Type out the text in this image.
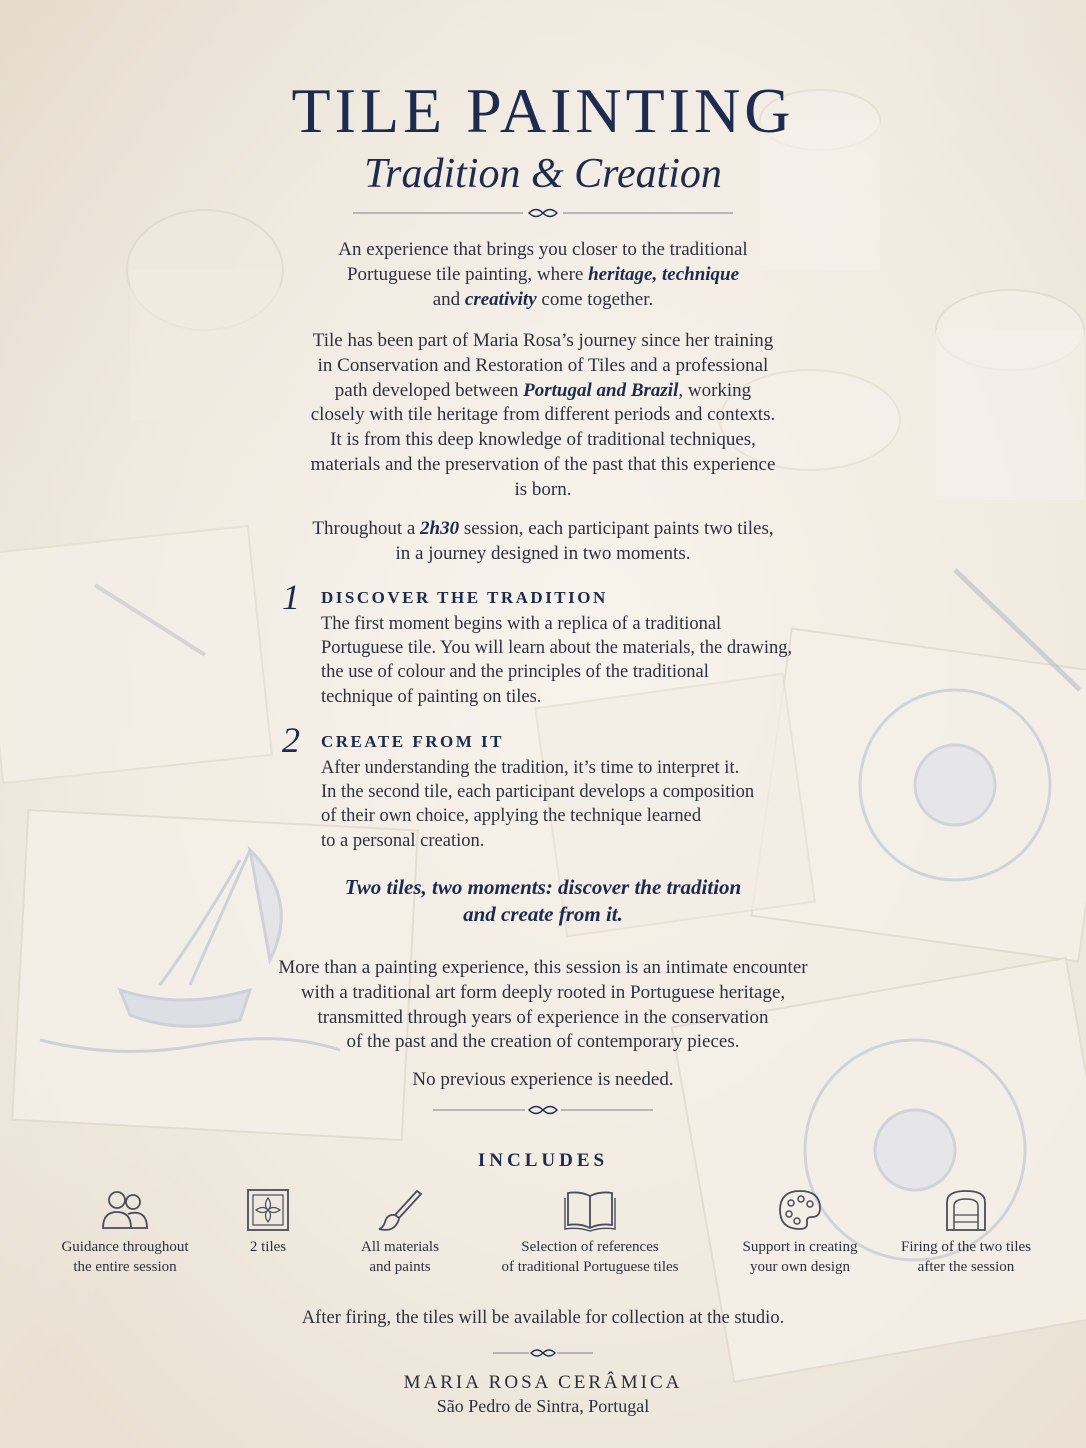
TILE PAINTING
Tradition & Creation

An experience that brings you closer to the traditional
Portuguese tile painting, where heritage, technique
and creativity come together.

Tile has been part of Maria Rosa’s journey since her training
in Conservation and Restoration of Tiles and a professional
path developed between Portugal and Brazil, working
closely with tile heritage from different periods and contexts.
It is from this deep knowledge of traditional techniques,
materials and the preservation of the past that this experience
is born.

Throughout a 2h30 session, each participant paints two tiles,
in a journey designed in two moments.

1 DISCOVER THE TRADITION

The first moment begins with a replica of a traditional
Portuguese tile. You will learn about the materials, the drawing,
the use of colour and the principles of the traditional
technique of painting on tiles.

2 CREATE FROM IT

After understanding the tradition, it’s time to interpret it.
In the second tile, each participant develops a composition
of their own choice, applying the technique learned
to a personal creation.

Two tiles, two moments: discover the tradition
and create from it.

More than a painting experience, this session is an intimate encounter
with a traditional art form deeply rooted in Portuguese heritage,
transmitted through years of experience in the conservation
of the past and the creation of contemporary pieces.

No previous experience is needed.

INCLUDES
Guidance throughout
the entire session
2 tiles	All materials
and paints
Selection of references
of traditional Portuguese tiles
Support in creating
your own design
Firing of the two tiles
after the session
After firing, the tiles will be available for collection at the studio.
MARIA ROSA CERÂMICA
São Pedro de Sintra, Portugal
